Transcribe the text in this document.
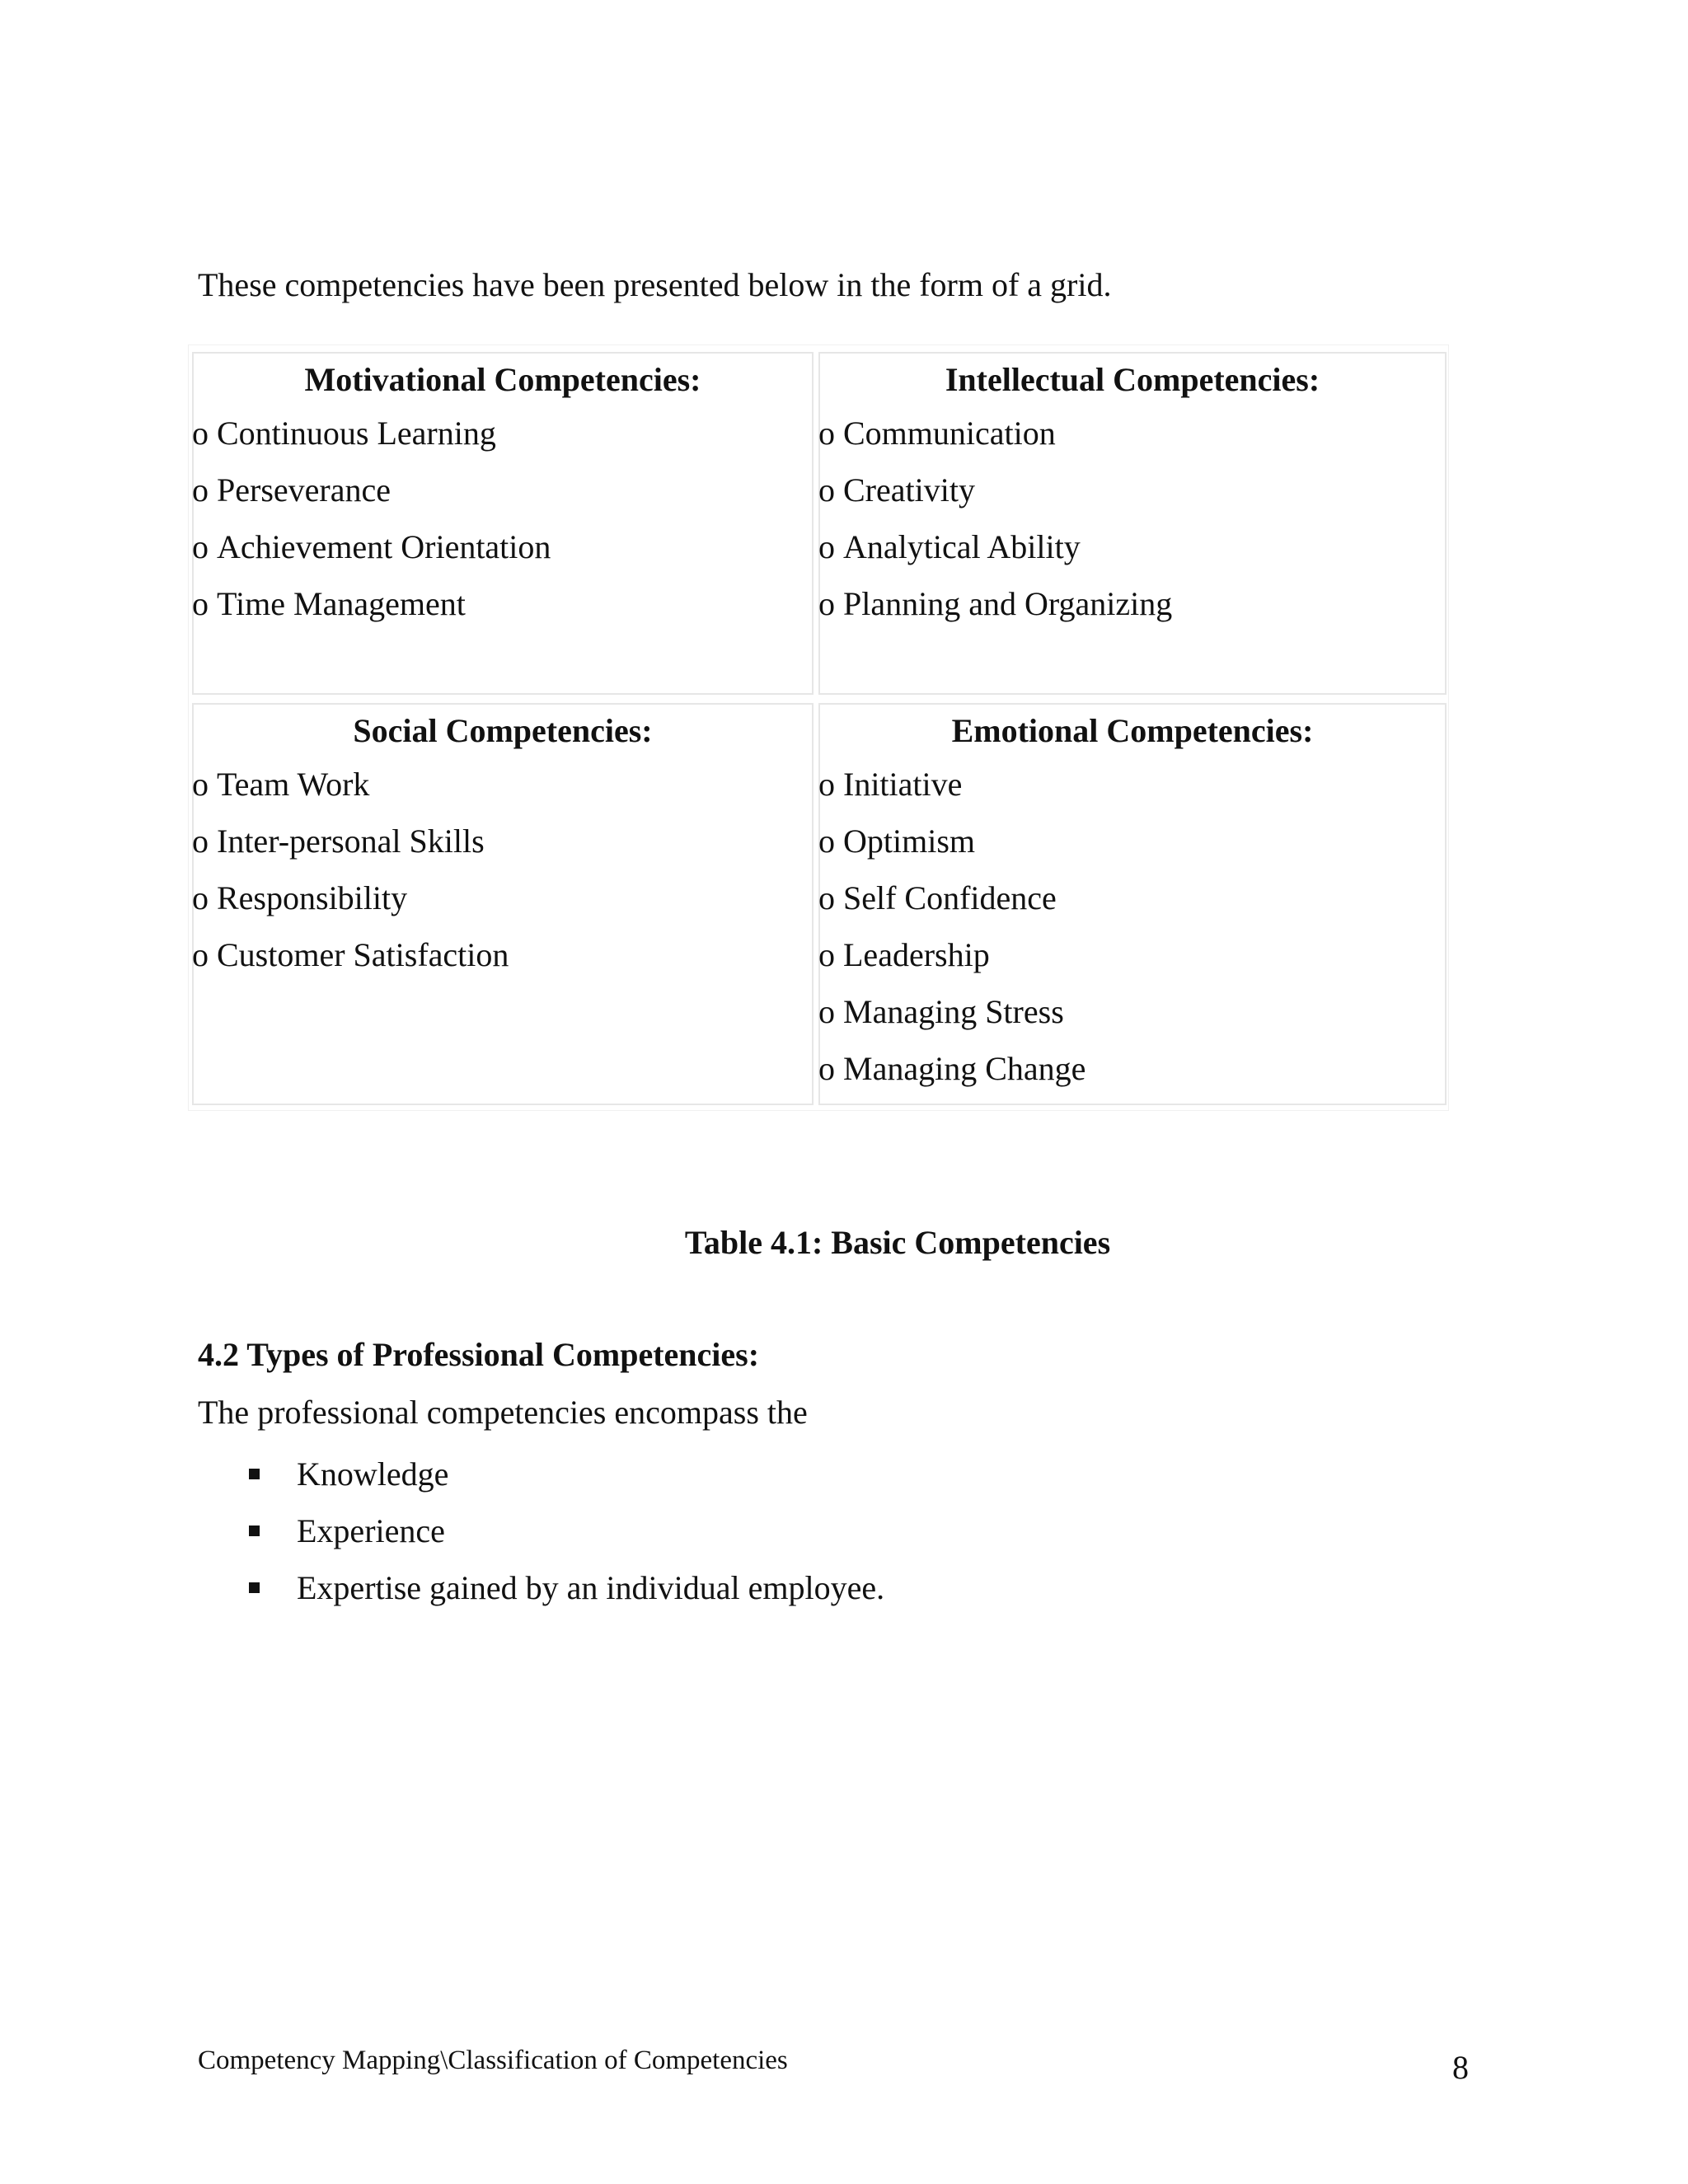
These competencies have been presented below in the form of a grid.

Motivational Competencies:
o Continuous Learning
o Perseverance
o Achievement Orientation
o Time Management
Intellectual Competencies:
o Communication
o Creativity
o Analytical Ability
o Planning and Organizing
Social Competencies:
o Team Work
o Inter-personal Skills
o Responsibility
o Customer Satisfaction
Emotional Competencies:
o Initiative
o Optimism
o Self Confidence
o Leadership
o Managing Stress
o Managing Change

Table 4.1: Basic Competencies

4.2 Types of Professional Competencies:

The professional competencies encompass the

Knowledge
Experience
Expertise gained by an individual employee.

Competency Mapping\Classification of Competencies	8
